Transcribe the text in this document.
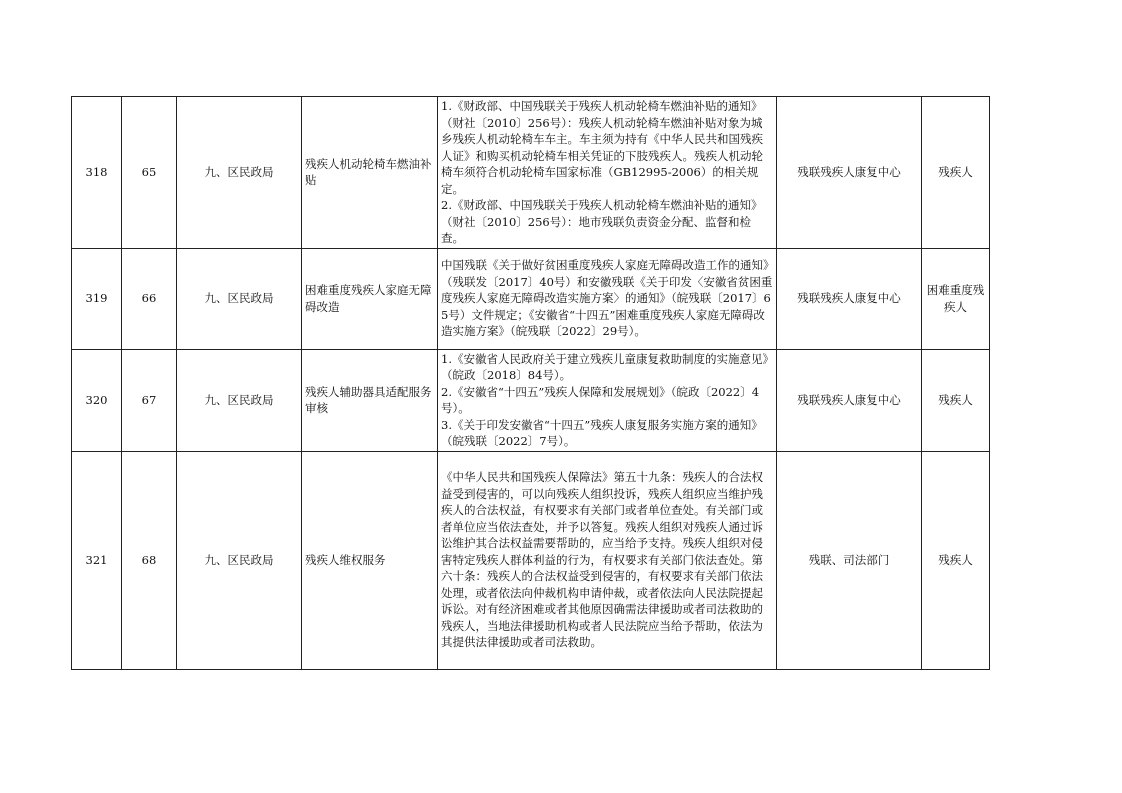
318	65	九、区民政局	残疾人机动轮椅车燃油补贴	1.《财政部、中国残联关于残疾人机动轮椅车燃油补贴的通知》（财社〔2010〕256号）：残疾人机动轮椅车燃油补贴对象为城乡残疾人机动轮椅车车主。车主须为持有《中华人民共和国残疾人证》和购买机动轮椅车相关凭证的下肢残疾人。残疾人机动轮椅车须符合机动轮椅车国家标准（GB12995-2006）的相关规定。
2.《财政部、中国残联关于残疾人机动轮椅车燃油补贴的通知》（财社〔2010〕256号）：地市残联负责资金分配、监督和检查。	残联残疾人康复中心	残疾人
319	66	九、区民政局	困难重度残疾人家庭无障碍改造	中国残联《关于做好贫困重度残疾人家庭无障碍改造工作的通知》（残联发〔2017〕40号）和安徽残联《关于印发〈安徽省贫困重度残疾人家庭无障碍改造实施方案〉的通知》（皖残联〔2017〕65号）文件规定；《安徽省“十四五”困难重度残疾人家庭无障碍改造实施方案》（皖残联〔2022〕29号）。	残联残疾人康复中心	困难重度残疾人
320	67	九、区民政局	残疾人辅助器具适配服务审核	1.《安徽省人民政府关于建立残疾儿童康复救助制度的实施意见》（皖政〔2018〕84号）。
2.《安徽省“十四五”残疾人保障和发展规划》（皖政〔2022〕4号）。
3.《关于印发安徽省“十四五”残疾人康复服务实施方案的通知》（皖残联〔2022〕7号）。	残联残疾人康复中心	残疾人
321	68	九、区民政局	残疾人维权服务	《中华人民共和国残疾人保障法》第五十九条：残疾人的合法权益受到侵害的，可以向残疾人组织投诉，残疾人组织应当维护残疾人的合法权益，有权要求有关部门或者单位查处。有关部门或者单位应当依法查处，并予以答复。残疾人组织对残疾人通过诉讼维护其合法权益需要帮助的，应当给予支持。残疾人组织对侵害特定残疾人群体利益的行为，有权要求有关部门依法查处。第六十条：残疾人的合法权益受到侵害的，有权要求有关部门依法处理，或者依法向仲裁机构申请仲裁，或者依法向人民法院提起诉讼。对有经济困难或者其他原因确需法律援助或者司法救助的残疾人，当地法律援助机构或者人民法院应当给予帮助，依法为其提供法律援助或者司法救助。	残联、司法部门	残疾人
